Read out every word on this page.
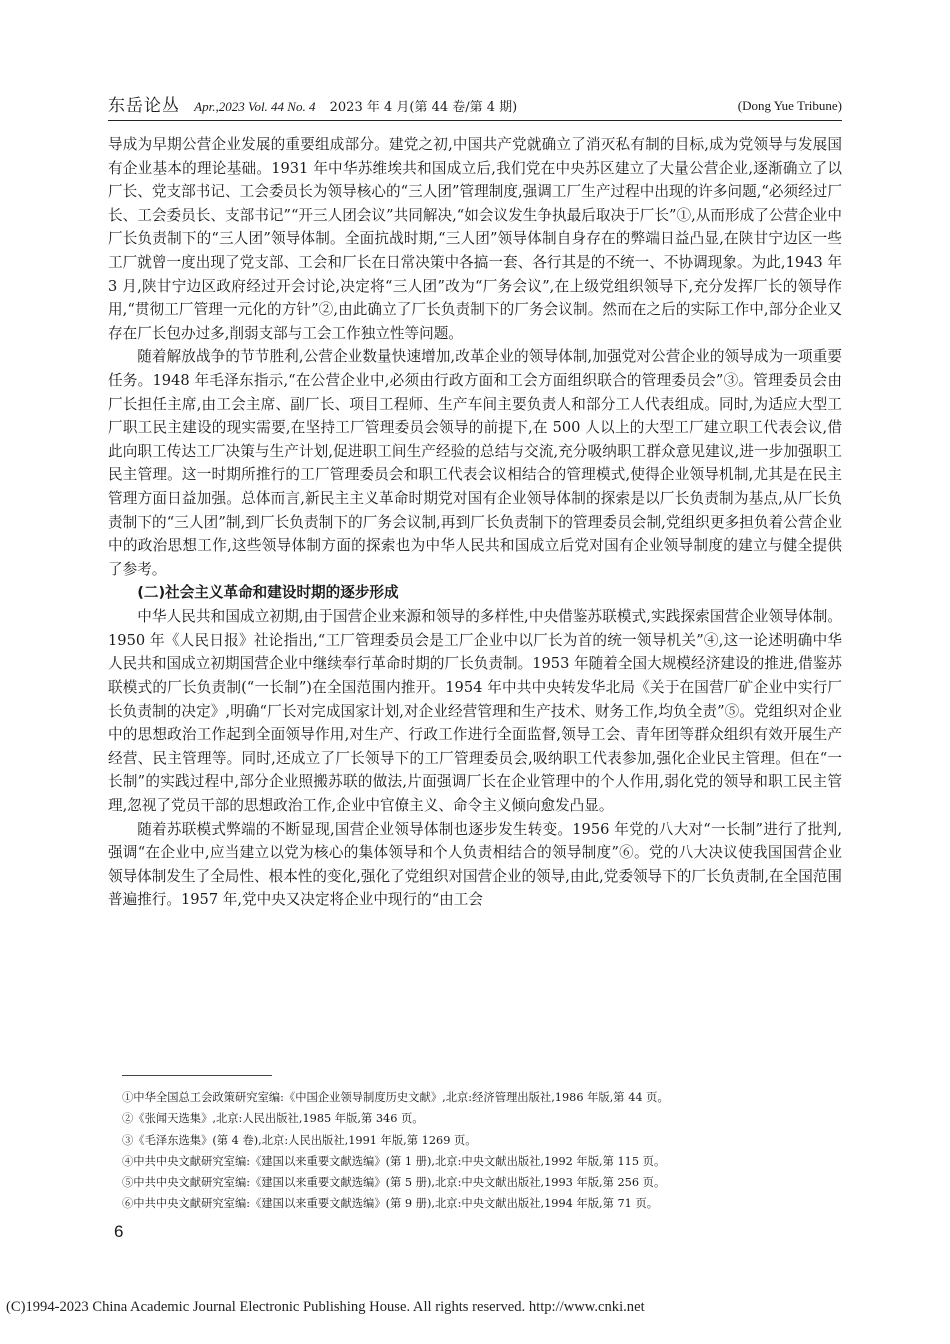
东岳论丛 Apr.,2023 Vol. 44 No. 4 2023 年 4 月(第 44 卷/第 4 期)	(Dong Yue Tribune)

导成为早期公营企业发展的重要组成部分。建党之初,中国共产党就确立了消灭私有制的目标,成为党领导与发展国有企业基本的理论基础。1931 年中华苏维埃共和国成立后,我们党在中央苏区建立了大量公营企业,逐渐确立了以厂长、党支部书记、工会委员长为领导核心的“三人团”管理制度,强调工厂生产过程中出现的许多问题,“必须经过厂长、工会委员长、支部书记”“开三人团会议”共同解决,“如会议发生争执最后取决于厂长”①,从而形成了公营企业中厂长负责制下的“三人团”领导体制。全面抗战时期,“三人团”领导体制自身存在的弊端日益凸显,在陕甘宁边区一些工厂就曾一度出现了党支部、工会和厂长在日常决策中各搞一套、各行其是的不统一、不协调现象。为此,1943 年 3 月,陕甘宁边区政府经过开会讨论,决定将“三人团”改为“厂务会议”,在上级党组织领导下,充分发挥厂长的领导作用,“贯彻工厂管理一元化的方针”②,由此确立了厂长负责制下的厂务会议制。然而在之后的实际工作中,部分企业又存在厂长包办过多,削弱支部与工会工作独立性等问题。

随着解放战争的节节胜利,公营企业数量快速增加,改革企业的领导体制,加强党对公营企业的领导成为一项重要任务。1948 年毛泽东指示,“在公营企业中,必须由行政方面和工会方面组织联合的管理委员会”③。管理委员会由厂长担任主席,由工会主席、副厂长、项目工程师、生产车间主要负责人和部分工人代表组成。同时,为适应大型工厂职工民主建设的现实需要,在坚持工厂管理委员会领导的前提下,在 500 人以上的大型工厂建立职工代表会议,借此向职工传达工厂决策与生产计划,促进职工间生产经验的总结与交流,充分吸纳职工群众意见建议,进一步加强职工民主管理。这一时期所推行的工厂管理委员会和职工代表会议相结合的管理模式,使得企业领导机制,尤其是在民主管理方面日益加强。总体而言,新民主主义革命时期党对国有企业领导体制的探索是以厂长负责制为基点,从厂长负责制下的“三人团”制,到厂长负责制下的厂务会议制,再到厂长负责制下的管理委员会制,党组织更多担负着公营企业中的政治思想工作,这些领导体制方面的探索也为中华人民共和国成立后党对国有企业领导制度的建立与健全提供了参考。

(二)社会主义革命和建设时期的逐步形成

中华人民共和国成立初期,由于国营企业来源和领导的多样性,中央借鉴苏联模式,实践探索国营企业领导体制。1950 年《人民日报》社论指出,“工厂管理委员会是工厂企业中以厂长为首的统一领导机关”④,这一论述明确中华人民共和国成立初期国营企业中继续奉行革命时期的厂长负责制。1953 年随着全国大规模经济建设的推进,借鉴苏联模式的厂长负责制(“一长制”)在全国范围内推开。1954 年中共中央转发华北局《关于在国营厂矿企业中实行厂长负责制的决定》,明确“厂长对完成国家计划,对企业经营管理和生产技术、财务工作,均负全责”⑤。党组织对企业中的思想政治工作起到全面领导作用,对生产、行政工作进行全面监督,领导工会、青年团等群众组织有效开展生产经营、民主管理等。同时,还成立了厂长领导下的工厂管理委员会,吸纳职工代表参加,强化企业民主管理。但在“一长制”的实践过程中,部分企业照搬苏联的做法,片面强调厂长在企业管理中的个人作用,弱化党的领导和职工民主管理,忽视了党员干部的思想政治工作,企业中官僚主义、命令主义倾向愈发凸显。

随着苏联模式弊端的不断显现,国营企业领导体制也逐步发生转变。1956 年党的八大对“一长制”进行了批判,强调“在企业中,应当建立以党为核心的集体领导和个人负责相结合的领导制度”⑥。党的八大决议使我国国营企业领导体制发生了全局性、根本性的变化,强化了党组织对国营企业的领导,由此,党委领导下的厂长负责制,在全国范围普遍推行。1957 年,党中央又决定将企业中现行的“由工会

①中华全国总工会政策研究室编:《中国企业领导制度历史文献》,北京:经济管理出版社,1986 年版,第 44 页。
②《张闻天选集》,北京:人民出版社,1985 年版,第 346 页。
③《毛泽东选集》(第 4 卷),北京:人民出版社,1991 年版,第 1269 页。
④中共中央文献研究室编:《建国以来重要文献选编》(第 1 册),北京:中央文献出版社,1992 年版,第 115 页。
⑤中共中央文献研究室编:《建国以来重要文献选编》(第 5 册),北京:中央文献出版社,1993 年版,第 256 页。
⑥中共中央文献研究室编:《建国以来重要文献选编》(第 9 册),北京:中央文献出版社,1994 年版,第 71 页。
6
(C)1994-2023 China Academic Journal Electronic Publishing House. All rights reserved. http://www.cnki.net
